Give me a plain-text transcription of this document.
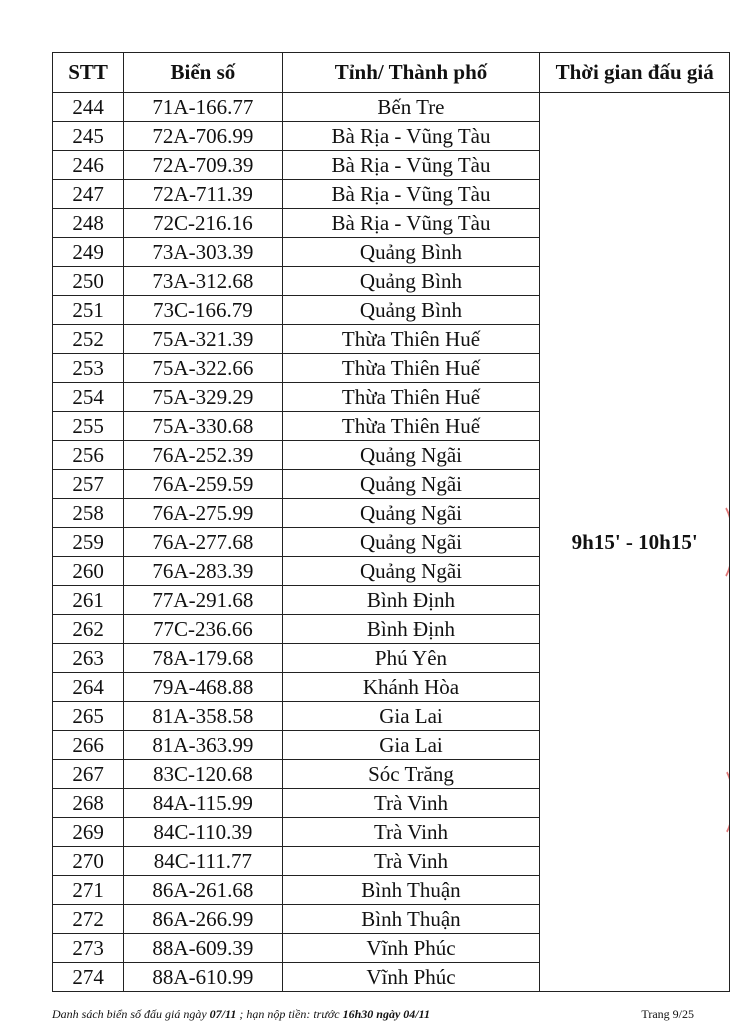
STT	Biển số	Tỉnh/ Thành phố	Thời gian đấu giá
244	71A-166.77	Bến Tre	9h15' - 10h15'
245	72A-706.99	Bà Rịa - Vũng Tàu	
246	72A-709.39	Bà Rịa - Vũng Tàu	
247	72A-711.39	Bà Rịa - Vũng Tàu	
248	72C-216.16	Bà Rịa - Vũng Tàu	
249	73A-303.39	Quảng Bình	
250	73A-312.68	Quảng Bình	
251	73C-166.79	Quảng Bình	
252	75A-321.39	Thừa Thiên Huế	
253	75A-322.66	Thừa Thiên Huế	
254	75A-329.29	Thừa Thiên Huế	
255	75A-330.68	Thừa Thiên Huế	
256	76A-252.39	Quảng Ngãi	
257	76A-259.59	Quảng Ngãi	
258	76A-275.99	Quảng Ngãi	
259	76A-277.68	Quảng Ngãi	
260	76A-283.39	Quảng Ngãi	
261	77A-291.68	Bình Định	
262	77C-236.66	Bình Định	
263	78A-179.68	Phú Yên	
264	79A-468.88	Khánh Hòa	
265	81A-358.58	Gia Lai	
266	81A-363.99	Gia Lai	
267	83C-120.68	Sóc Trăng	
268	84A-115.99	Trà Vinh	
269	84C-110.39	Trà Vinh	
270	84C-111.77	Trà Vinh	
271	86A-261.68	Bình Thuận	
272	86A-266.99	Bình Thuận	
273	88A-609.39	Vĩnh Phúc	
274	88A-610.99	Vĩnh Phúc	
Danh sách biển số đấu giá ngày 07/11 ; hạn nộp tiền: trước 16h30 ngày 04/11	Trang 9/25
